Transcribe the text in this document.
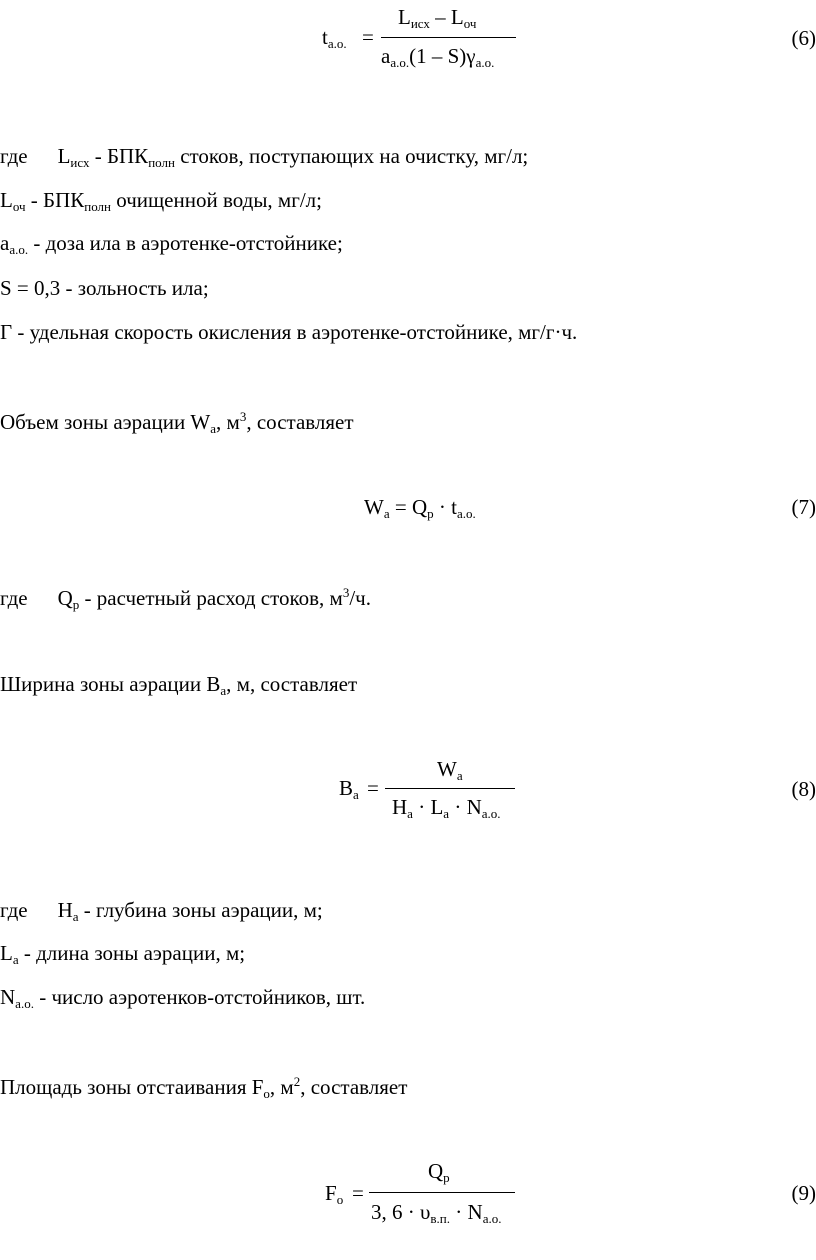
tа.о. =
Lисх – Lоч
aа.о.(1 – S)γа.о.
(6)
где $L_{исх} - БПК_{полн}$ стоков, поступающих на очистку, мг/л;
$L_{оч} - БПК_{полн}$ очищенной воды, мг/л;
$a_{а.о.}$ - доза ила в аэротенке-отстойнике;
S = 0,3 - зольность ила;
Г - удельная скорость окисления в аэротенке-отстойнике, мг/г·ч.
Объем зоны аэрации $W_а$, $м^3$, составляет
Wа = Qр · tа.о.	(7)
где $Q_р$ - расчетный расход стоков, $м^3/ч$.
Ширина зоны аэрации $В_а$, м, составляет
Bа =
Wа
Hа · Lа · Nа.о.
(8)
где $Н_а$ - глубина зоны аэрации, м;
$L_а$ - длина зоны аэрации, м;
$N_{а.о.}$ - число аэротенков-отстойников, шт.
Площадь зоны отстаивания $F_о$, $м^2$, составляет
Fо =
Qр
3, 6 · υв.п. · Nа.о.
(9)
